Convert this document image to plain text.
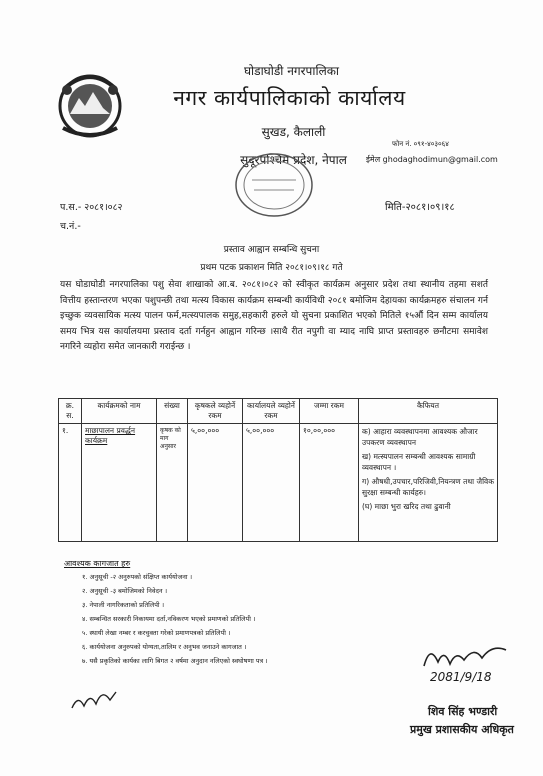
घोडाघोडी नगरपालिका
नगर कार्यपालिकाको कार्यालय
सुखड, कैलाली
सुदूरपश्चिम प्रदेश, नेपाल
फोन नं. ०९१-४०३०६४
ईमेल ghodaghodimun@gmail.com
प.स.- २०८१।०८२
च.नं.-
मिति-२०८१।०९।१८
प्रस्ताव आह्वान सम्बन्धि सुचना
प्रथम पटक प्रकाशन मिति २०८१।०९।१८ गते
यस घोडाघोडी नगरपालिका पशु सेवा शाखाको आ.ब. २०८१।०८२ को स्वीकृत कार्यक्रम अनुसार प्रदेश तथा स्थानीय तहमा सशर्त वित्तीय हस्तान्तरण भएका पशुपन्छी तथा मत्स्य विकास कार्यक्रम सम्बन्धी कार्यविधी २०८१ बमोजिम देहायका कार्यक्रमहरु संचालन गर्न इच्छुक व्यवसायिक मत्स्य पालन फर्म,मत्स्यपालक समुह,सहकारी हरुले यो सुचना प्रकाशित भएको मितिले १५औं दिन सम्म कार्यालय समय भित्र यस कार्यालयमा प्रस्ताव दर्ता गर्नहुन आह्वान गरिन्छ ।साथै रीत नपुगी वा म्याद नाघि प्राप्त प्रस्तावहरु छनौटमा समावेश नगरिने व्यहोरा समेत जानकारी गराईन्छ ।
क्र. स.	कार्यक्रमको नाम	संख्या	कृषकले व्यहोर्ने रकम	कार्यालयले व्यहोर्ने रकम	जम्मा रकम	कैफियत
१.	माछापालन प्रवर्द्धन कार्यक्रम	कृषक को माग अनुसार	५,००,०००	५,००,०००	१०,००,०००	क) आहारा व्यवस्थापनमा आवश्यक औजार उपकरण व्यवस्थापन
ख) मत्स्यपालन सम्बन्धी आवश्यक सामाग्री व्यवस्थापन ।
ग) औषधी,उपचार,परिजिवी,नियन्त्रण तथा जैविक सुरक्षा सम्बन्धी कार्यहरु।
(घ) माछा भुरा खरिद तथा ढुवानी
आवश्यक कागजात हरु
१. अनुसूची -२ अनुरुपको संक्षिप्त कार्ययोजना ।
२. अनुसूची -३ बमोजिमको निवेदन ।
३. नेपाली नागरिकताको प्रतिलिपी ।
४. सम्बन्धित सरकारी निकायमा दर्ता,नविकरण भएको प्रमाणको प्रतिलिपी ।
५. स्थायी लेखा नम्बर र करचुक्ता गरेको प्रमाणपत्रको प्रतिलिपी ।
६. कार्ययोजना अनुरुपको योग्यता,तालिम र अनुभव जनाउने कागजात ।
७. यसै प्रकृतिको कार्यका लागि बिगत २ वर्षमा अनुदान नलिएको स्वघोषणा पत्र ।
2081/9/18
शिव सिंह भण्डारी
प्रमुख प्रशासकीय अधिकृत
